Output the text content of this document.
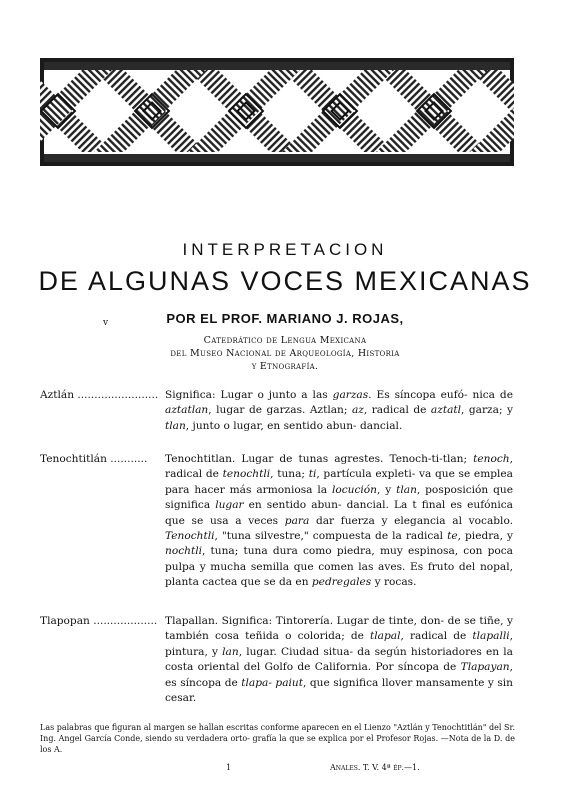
INTERPRETACION
DE ALGUNAS VOCES MEXICANAS
v	POR EL PROF. MARIANO J. ROJAS,
Catedrático de Lengua Mexicana
del Museo Nacional de Arqueología, Historia
y Etnografía.
Aztlán ........................ Significa: Lugar o junto a las garzas. Es síncopa eufó- nica de aztatlan, lugar de garzas. Aztlan; az, radical de aztatl, garza; y tlan, junto o lugar, en sentido abun- dancial.
Tenochtitlán ...........	Tenochtitlan. Lugar de tunas agrestes. Tenoch-ti-tlan; tenoch, radical de tenochtli, tuna; ti, partícula expleti- va que se emplea para hacer más armoniosa la locución, y tlan, posposición que significa lugar en sentido abun- dancial. La t final es eufónica que se usa a veces para dar fuerza y elegancia al vocablo. Tenochtli, "tuna silvestre," compuesta de la radical te, piedra, y nochtli, tuna; tuna dura como piedra, muy espinosa, con poca pulpa y mucha semilla que comen las aves. Es fruto del nopal, planta cactea que se da en pedregales y rocas.
Tlapopan ................... Tlapallan. Significa: Tintorería. Lugar de tinte, don- de se tiñe, y también cosa teñida o colorida; de tlapal, radical de tlapalli, pintura, y lan, lugar. Ciudad situa- da según historiadores en la costa oriental del Golfo de California. Por síncopa de Tlapayan, es síncopa de tlapa- paiut, que significa llover mansamente y sin cesar.
Las palabras que figuran al margen se hallan escritas conforme aparecen en el Lienzo "Aztlán y Tenochtitlán" del Sr. Ing. Angel García Conde, siendo su verdadera orto- grafía la que se explica por el Profesor Rojas. —Nota de la D. de los A.
1	Anales. T. V. 4ª ép.—1.
